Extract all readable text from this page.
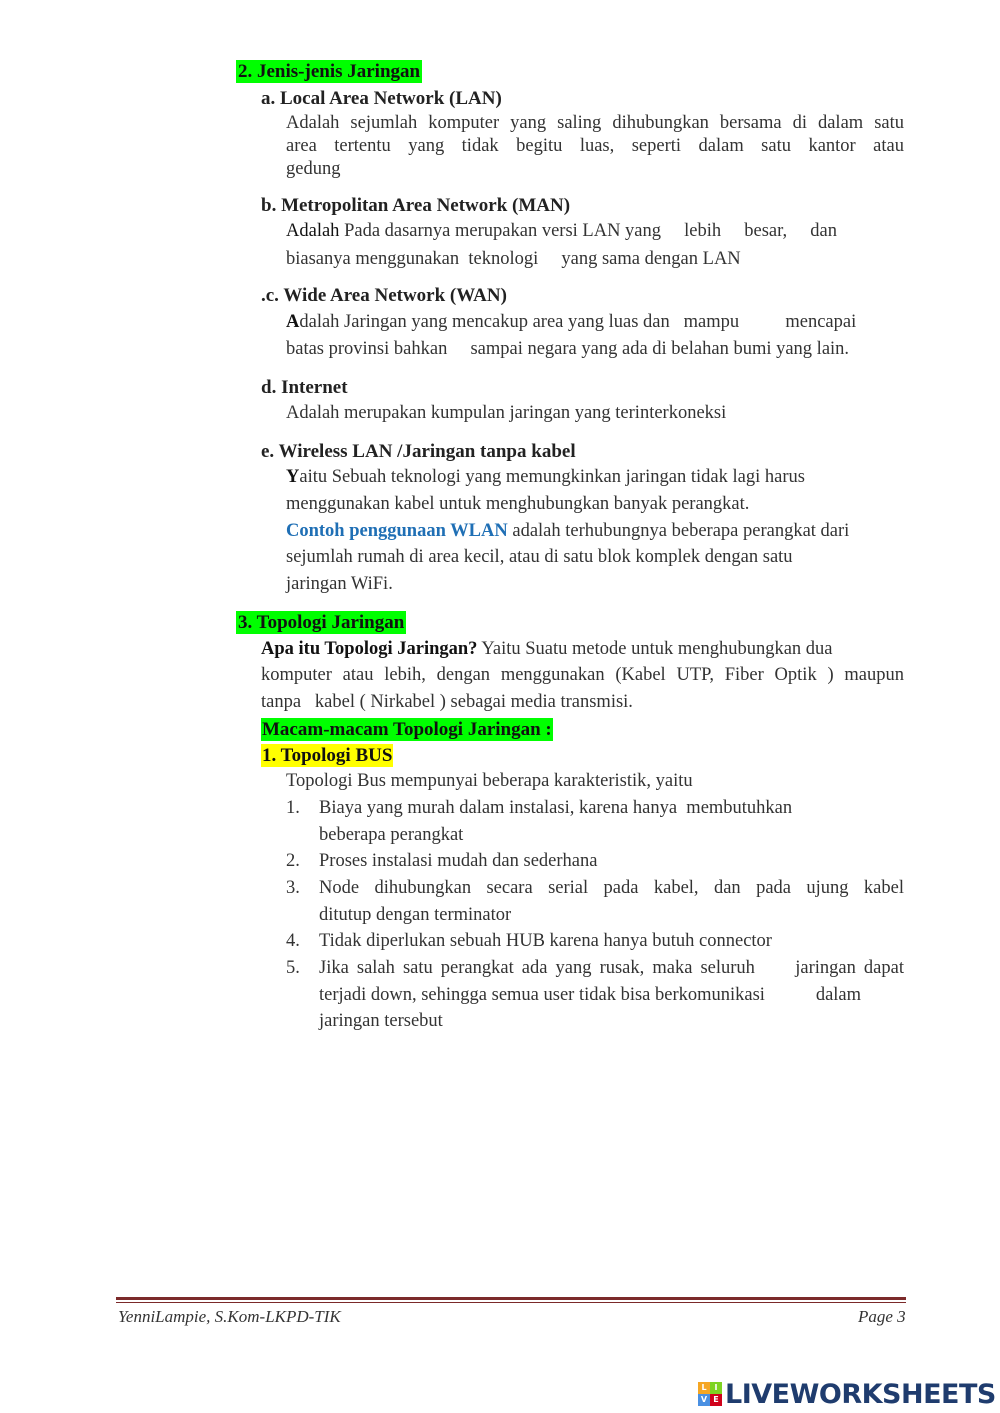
2. Jenis-jenis Jaringan
a. Local Area Network (LAN)
Adalah sejumlah komputer yang saling dihubungkan bersama di dalam satu
area tertentu yang tidak begitu luas, seperti dalam satu kantor atau
gedung
b. Metropolitan Area Network (MAN)
Adalah Pada dasarnya merupakan versi LAN yang     lebih     besar,     dan
biasanya menggunakan  teknologi     yang sama dengan LAN
.c. Wide Area Network (WAN)
Adalah Jaringan yang mencakup area yang luas dan   mampu          mencapai
batas provinsi bahkan     sampai negara yang ada di belahan bumi yang lain.
d. Internet
Adalah merupakan kumpulan jaringan yang terinterkoneksi
e. Wireless LAN /Jaringan tanpa kabel
Yaitu Sebuah teknologi yang memungkinkan jaringan tidak lagi harus
menggunakan kabel untuk menghubungkan banyak perangkat.
Contoh penggunaan WLAN adalah terhubungnya beberapa perangkat dari
sejumlah rumah di area kecil, atau di satu blok komplek dengan satu
jaringan WiFi.
3. Topologi Jaringan
Apa itu Topologi Jaringan? Yaitu Suatu metode untuk menghubungkan dua
komputer atau lebih, dengan menggunakan (Kabel UTP, Fiber Optik ) maupun
tanpa   kabel ( Nirkabel ) sebagai media transmisi.
Macam-macam Topologi Jaringan :
1. Topologi BUS
Topologi Bus mempunyai beberapa karakteristik, yaitu
1. Biaya yang murah dalam instalasi, karena hanya  membutuhkan
beberapa perangkat
2. Proses instalasi mudah dan sederhana
3. Node dihubungkan secara serial pada kabel, dan pada ujung kabel
ditutup dengan terminator
4. Tidak diperlukan sebuah HUB karena hanya butuh connector
5. Jika salah satu perangkat ada yang rusak, maka seluruh     jaringan dapat
terjadi down, sehingga semua user tidak bisa berkomunikasi           dalam
jaringan tersebut
YenniLampie, S.Kom-LKPD-TIK	Page 3
L I
V E LIVEWORKSHEETS
